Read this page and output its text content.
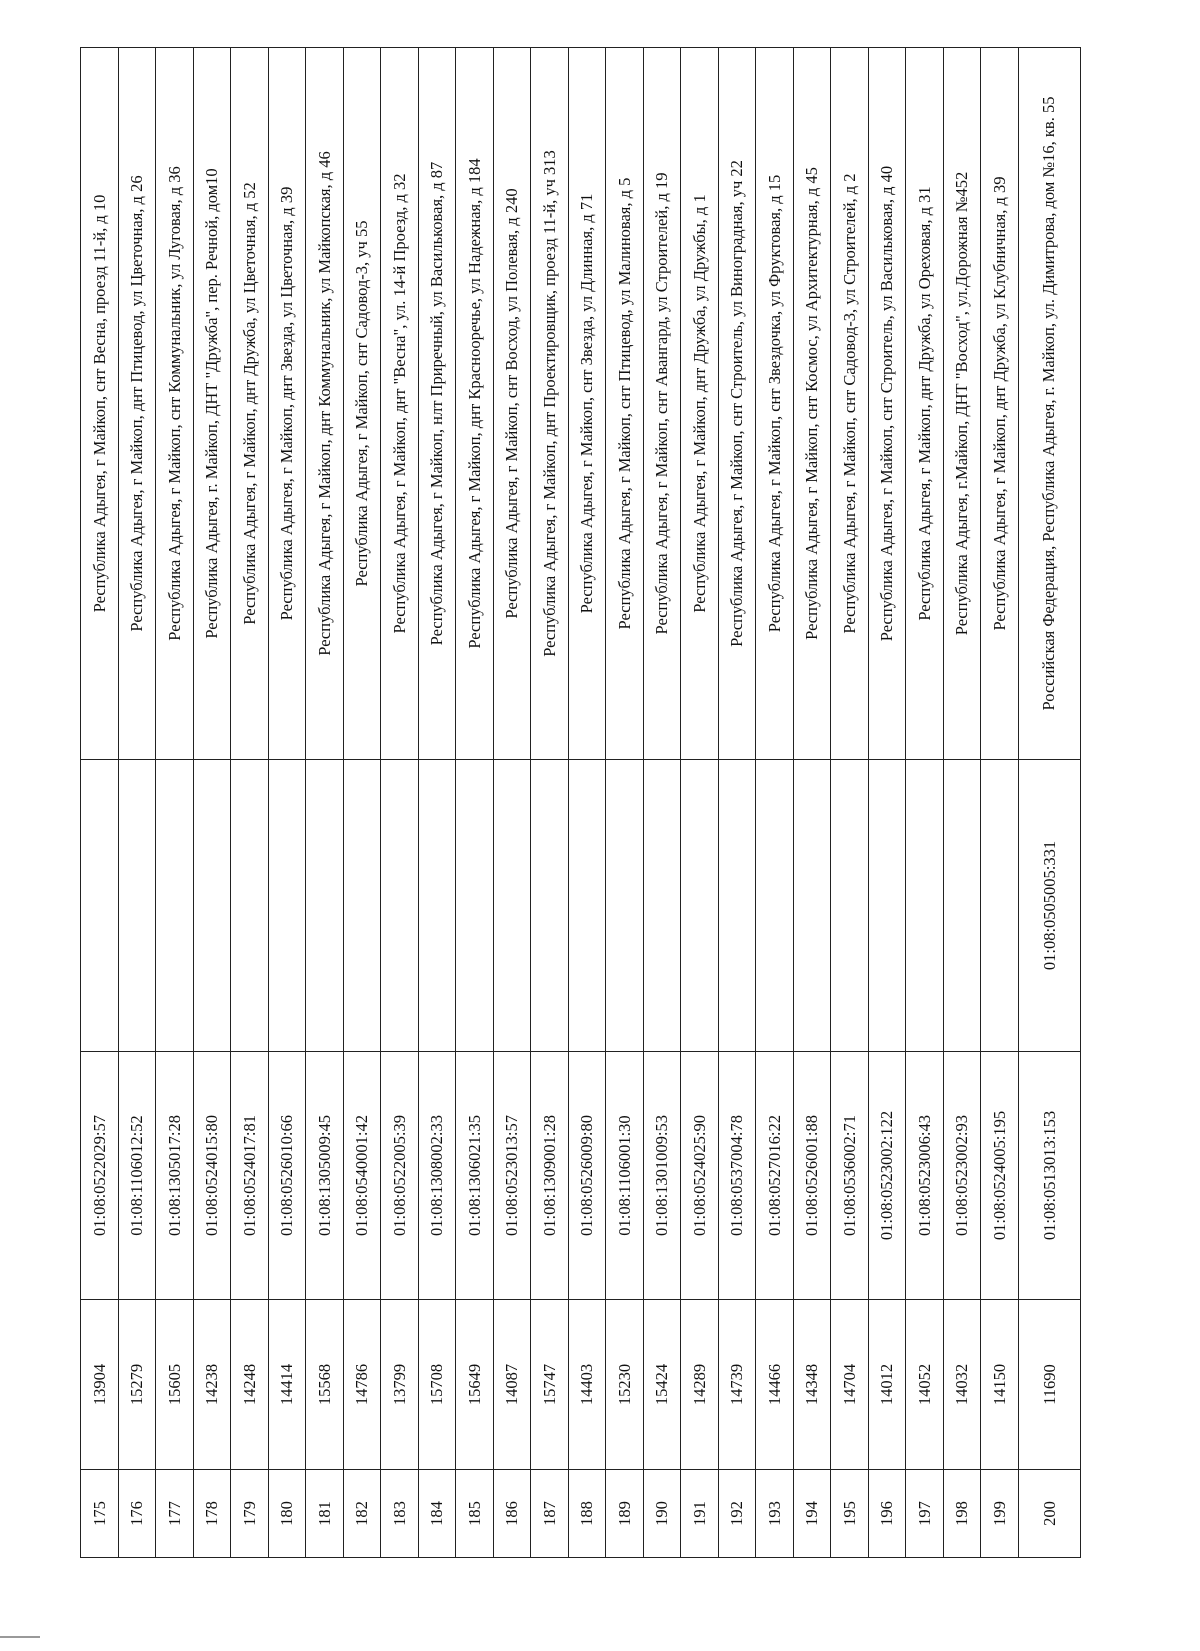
175	13904	01:08:0522029:57		Республика Адыгея, г Майкоп, снт Весна, проезд 11-й, д 10
176	15279	01:08:1106012:52		Республика Адыгея, г Майкоп, днт Птицевод, ул Цветочная, д 26
177	15605	01:08:1305017:28		Республика Адыгея, г Майкоп, снт Коммунальник, ул Луговая, д 36
178	14238	01:08:0524015:80		Республика Адыгея, г. Майкоп, ДНТ "Дружба", пер. Речной, дом10
179	14248	01:08:0524017:81		Республика Адыгея, г Майкоп, днт Дружба, ул Цветочная, д 52
180	14414	01:08:0526010:66		Республика Адыгея, г Майкоп, днт Звезда, ул Цветочная, д 39
181	15568	01:08:1305009:45		Республика Адыгея, г Майкоп, днт Коммунальник, ул Майкопская, д 46
182	14786	01:08:0540001:42		Республика Адыгея, г Майкоп, снт Садовод-3, уч 55
183	13799	01:08:0522005:39		Республика Адыгея, г Майкоп, днт "Весна", ул. 14-й Проезд, д 32
184	15708	01:08:1308002:33		Республика Адыгея, г Майкоп, нлт Приречный, ул Васильковая, д 87
185	15649	01:08:1306021:35		Республика Адыгея, г Майкоп, днт Краснооречье, ул Надежная, д 184
186	14087	01:08:0523013:57		Республика Адыгея, г Майкоп, снт Восход, ул Полевая, д 240
187	15747	01:08:1309001:28		Республика Адыгея, г Майкоп, днт Проектировщик, проезд 11-й, уч 313
188	14403	01:08:0526009:80		Республика Адыгея, г Майкоп, снт Звезда, ул Длинная, д 71
189	15230	01:08:1106001:30		Республика Адыгея, г Майкоп, снт Птицевод, ул Малиновая, д 5
190	15424	01:08:1301009:53		Республика Адыгея, г Майкоп, снт Авангард, ул Строителей, д 19
191	14289	01:08:0524025:90		Республика Адыгея, г Майкоп, днт Дружба, ул Дружбы, д 1
192	14739	01:08:0537004:78		Республика Адыгея, г Майкоп, снт Строитель, ул Виноградная, уч 22
193	14466	01:08:0527016:22		Республика Адыгея, г Майкоп, снт Звездочка, ул Фруктовая, д 15
194	14348	01:08:0526001:88		Республика Адыгея, г Майкоп, снт Космос, ул Архитектурная, д 45
195	14704	01:08:0536002:71		Республика Адыгея, г Майкоп, снт Садовод-3, ул Строителей, д 2
196	14012	01:08:0523002:122		Республика Адыгея, г Майкоп, снт Строитель, ул Васильковая, д 40
197	14052	01:08:0523006:43		Республика Адыгея, г Майкоп, днт Дружба, ул Ореховая, д 31
198	14032	01:08:0523002:93		Республика Адыгея, г.Майкоп, ДНТ "Восход", ул.Дорожная №452
199	14150	01:08:0524005:195		Республика Адыгея, г Майкоп, днт Дружба, ул Клубничная, д 39
200	11690	01:08:0513013:153	01:08:0505005:331	Российская Федерация, Республика Адыгея, г. Майкоп, ул. Димитрова, дом №16, кв. 55
